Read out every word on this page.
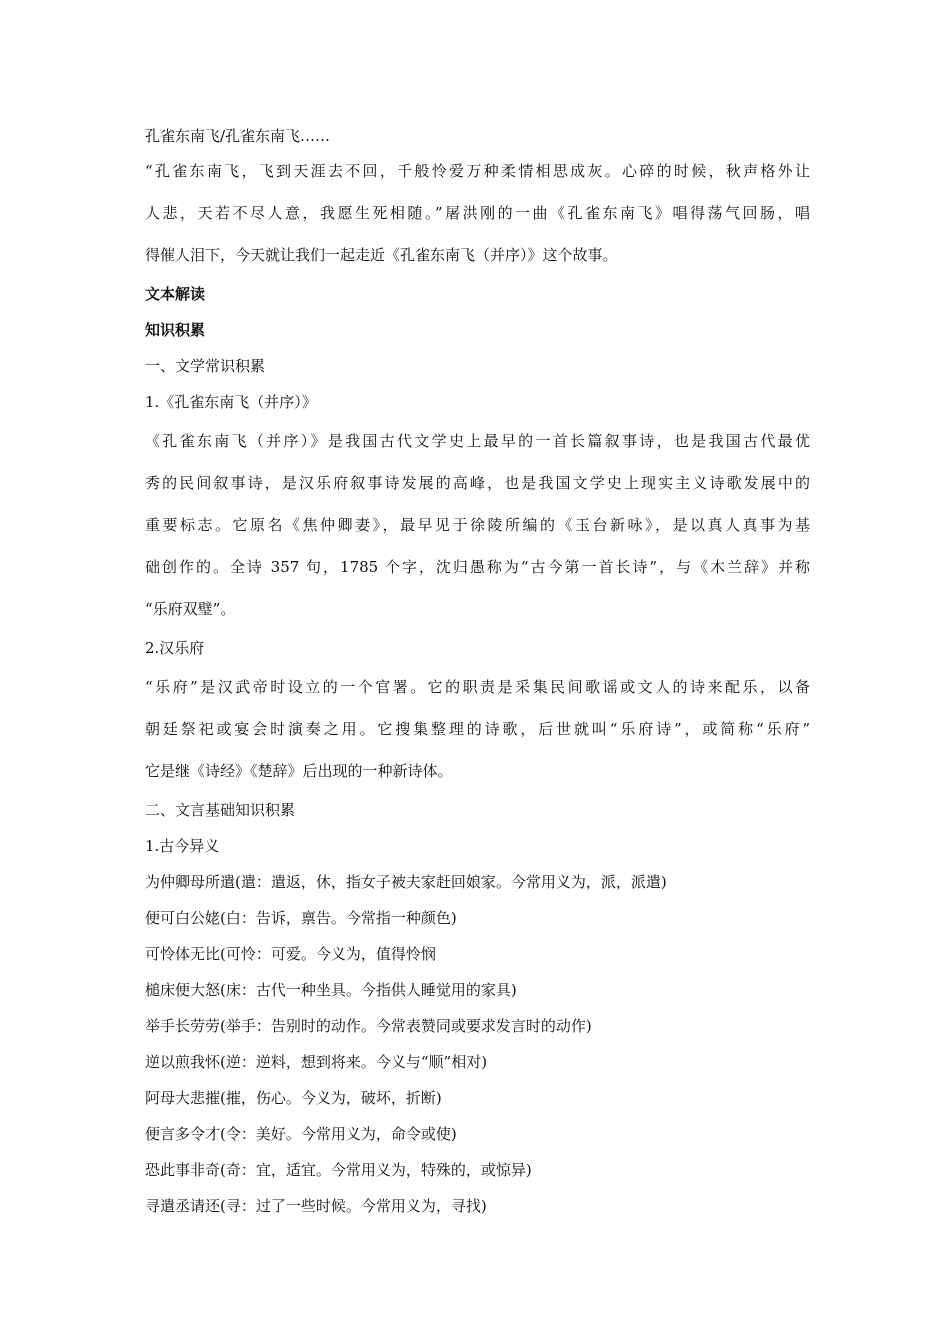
孔雀东南飞/孔雀东南飞……
“孔雀东南飞，飞到天涯去不回，千般怜爱万种柔情相思成灰。心碎的时候，秋声格外让
人悲，天若不尽人意，我愿生死相随。”屠洪刚的一曲《孔雀东南飞》唱得荡气回肠，唱
得催人泪下，今天就让我们一起走近《孔雀东南飞（并序）》这个故事。
文本解读
知识积累
一、文学常识积累
1.《孔雀东南飞（并序）》
《孔雀东南飞（并序）》是我国古代文学史上最早的一首长篇叙事诗，也是我国古代最优
秀的民间叙事诗，是汉乐府叙事诗发展的高峰，也是我国文学史上现实主义诗歌发展中的
重要标志。它原名《焦仲卿妻》，最早见于徐陵所编的《玉台新咏》，是以真人真事为基
础创作的。全诗 357 句，1785 个字，沈归愚称为“古今第一首长诗”，与《木兰辞》并称
“乐府双璧”。
2.汉乐府
“乐府”是汉武帝时设立的一个官署。它的职责是采集民间歌谣或文人的诗来配乐，以备
朝廷祭祀或宴会时演奏之用。它搜集整理的诗歌，后世就叫“乐府诗”，或简称“乐府”
它是继《诗经》《楚辞》后出现的一种新诗体。
二、文言基础知识积累
1.古今异义
为仲卿母所遣(遣：遣返，休，指女子被夫家赶回娘家。今常用义为，派，派遣)
便可白公姥(白：告诉，禀告。今常指一种颜色)
可怜体无比(可怜：可爱。今义为，值得怜悯
槌床便大怒(床：古代一种坐具。今指供人睡觉用的家具)
举手长劳劳(举手：告别时的动作。今常表赞同或要求发言时的动作)
逆以煎我怀(逆：逆料，想到将来。今义与“顺”相对)
阿母大悲摧(摧，伤心。今义为，破坏，折断)
便言多令才(令：美好。今常用义为，命令或使)
恐此事非奇(奇：宜，适宜。今常用义为，特殊的，或惊异)
寻遣丞请还(寻：过了一些时候。今常用义为，寻找)
